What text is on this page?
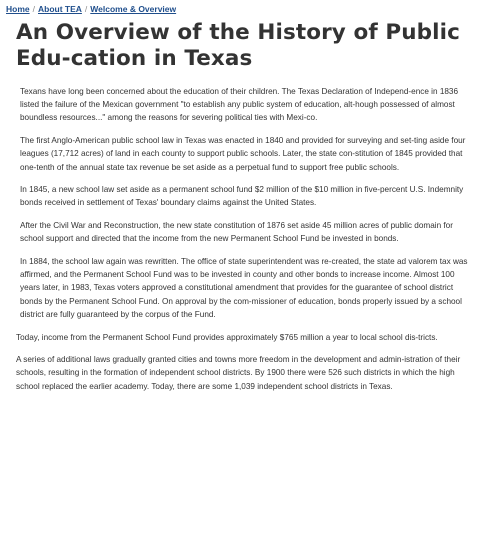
Home / About TEA / Welcome & Overview
An Overview of the History of Public Edu-cation in Texas

Texans have long been concerned about the education of their children. The Texas Declaration of Independ-ence in 1836 listed the failure of the Mexican government "to establish any public system of education, alt-hough possessed of almost boundless resources..." among the reasons for severing political ties with Mexi-co.

The first Anglo-American public school law in Texas was enacted in 1840 and provided for surveying and set-ting aside four leagues (17,712 acres) of land in each county to support public schools. Later, the state con-stitution of 1845 provided that one-tenth of the annual state tax revenue be set aside as a perpetual fund to support free public schools.

In 1845, a new school law set aside as a permanent school fund $2 million of the $10 million in five-percent U.S. Indemnity bonds received in settlement of Texas' boundary claims against the United States.

After the Civil War and Reconstruction, the new state constitution of 1876 set aside 45 million acres of public domain for school support and directed that the income from the new Permanent School Fund be invested in bonds.

In 1884, the school law again was rewritten. The office of state superintendent was re-created, the state ad valorem tax was affirmed, and the Permanent School Fund was to be invested in county and other bonds to increase income. Almost 100 years later, in 1983, Texas voters approved a constitutional amendment that provides for the guarantee of school district bonds by the Permanent School Fund. On approval by the com-missioner of education, bonds properly issued by a school district are fully guaranteed by the corpus of the Fund.

Today, income from the Permanent School Fund provides approximately $765 million a year to local school dis-tricts.

A series of additional laws gradually granted cities and towns more freedom in the development and admin-istration of their schools, resulting in the formation of independent school districts. By 1900 there were 526 such districts in which the high school replaced the earlier academy. Today, there are some 1,039 independent school districts in Texas.
